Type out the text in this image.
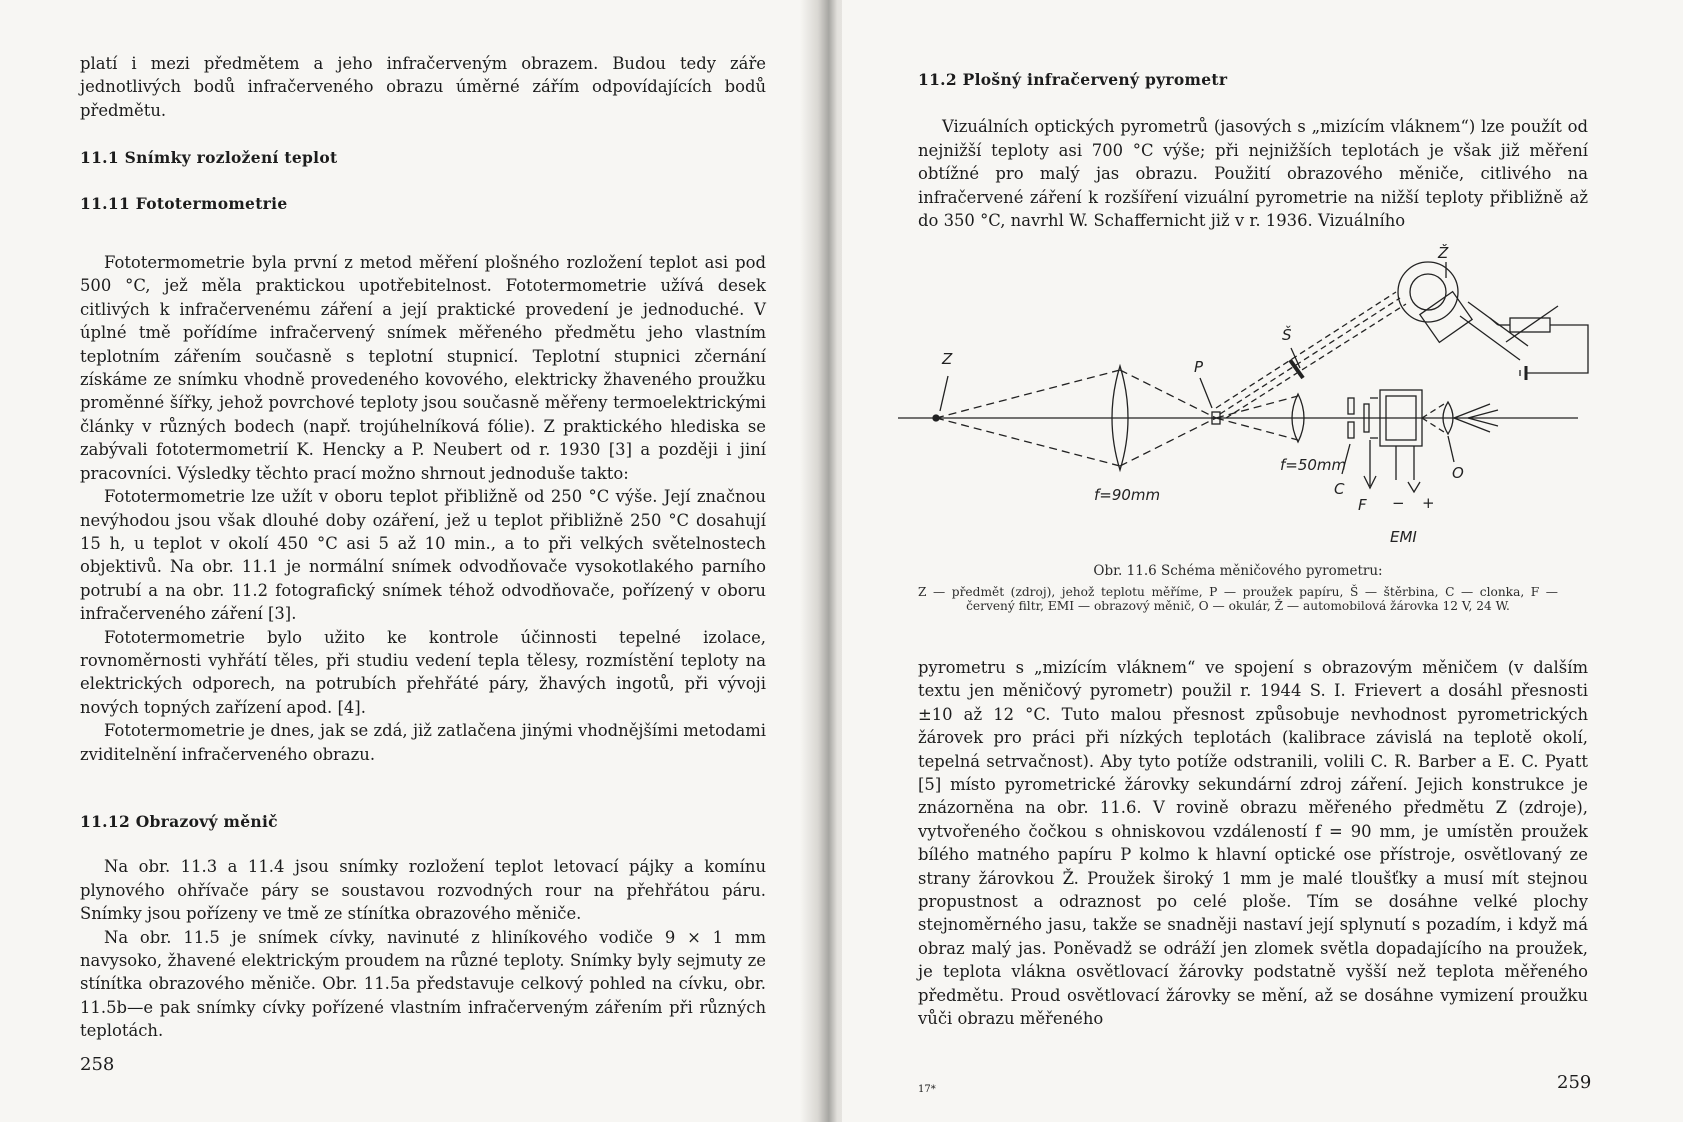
platí i mezi předmětem a jeho infračerveným obrazem. Budou tedy záře jednotlivých bodů infračerveného obrazu úměrné zářím odpovídajících bodů předmětu.

11.1 Snímky rozložení teplot
11.11 Fototermometrie

Fototermometrie byla první z metod měření plošného rozložení teplot asi pod 500 °C, jež měla praktickou upotřebitelnost. Fototermometrie užívá desek citlivých k infračervenému záření a její praktické provedení je jednoduché. V úplné tmě pořídíme infračervený snímek měřeného předmětu jeho vlastním teplotním zářením současně s teplotní stupnicí. Teplotní stupnici zčernání získáme ze snímku vhodně provedeného kovového, elektricky žhaveného proužku proměnné šířky, jehož povrchové teploty jsou současně měřeny termoelektrickými články v různých bodech (např. trojúhelníková fólie). Z praktického hlediska se zabývali fototermometrií K. Hencky a P. Neubert od r. 1930 [3] a později i jiní pracovníci. Výsledky těchto prací možno shrnout jednoduše takto:

Fototermometrie lze užít v oboru teplot přibližně od 250 °C výše. Její značnou nevýhodou jsou však dlouhé doby ozáření, jež u teplot přibližně 250 °C dosahují 15 h, u teplot v okolí 450 °C asi 5 až 10 min., a to při velkých světelnostech objektivů. Na obr. 11.1 je normální snímek odvodňovače vysokotlakého parního potrubí a na obr. 11.2 fotografický snímek téhož odvodňovače, pořízený v oboru infračerveného záření [3].

Fototermometrie bylo užito ke kontrole účinnosti tepelné izolace, rovnoměrnosti vyhřátí těles, při studiu vedení tepla tělesy, rozmístění teploty na elektrických odporech, na potrubích přehřáté páry, žhavých ingotů, při vývoji nových topných zařízení apod. [4].

Fototermometrie je dnes, jak se zdá, již zatlačena jinými vhodnějšími metodami zviditelnění infračerveného obrazu.

11.12 Obrazový měnič

Na obr. 11.3 a 11.4 jsou snímky rozložení teplot letovací pájky a komínu plynového ohřívače páry se soustavou rozvodných rour na přehřátou páru. Snímky jsou pořízeny ve tmě ze stínítka obrazového měniče.

Na obr. 11.5 je snímek cívky, navinuté z hliníkového vodiče 9 × 1 mm navysoko, žhavené elektrickým proudem na různé teploty. Snímky byly sejmuty ze stínítka obrazového měniče. Obr. 11.5a představuje celkový pohled na cívku, obr. 11.5b—e pak snímky cívky pořízené vlastním infračerveným zářením při různých teplotách.

258
11.2 Plošný infračervený pyrometr

Vizuálních optických pyrometrů (jasových s „mizícím vláknem“) lze použít od nejnižší teploty asi 700 °C výše; při nejnižších teplotách je však již měření obtížné pro malý jas obrazu. Použití obrazového měniče, citlivého na infračervené záření k rozšíření vizuální pyrometrie na nižší teploty přibližně až do 350 °C, navrhl W. Schaffernicht již v r. 1936. Vizuálního

Z	P
Š
Ž
f=90mm
f=50mm
C
F
O
EMI
− +
Obr. 11.6 Schéma měničového pyrometru:
Z — předmět (zdroj), jehož teplotu měříme, P — proužek papíru, Š — štěrbina, C — clonka, F — červený filtr, EMI — obrazový měnič, O — okulár, Ž — automobilová žárovka 12 V, 24 W.

pyrometru s „mizícím vláknem“ ve spojení s obrazovým měničem (v dalším textu jen měničový pyrometr) použil r. 1944 S. I. Frievert a dosáhl přesnosti ±10 až 12 °C. Tuto malou přesnost způsobuje nevhodnost pyrometrických žárovek pro práci při nízkých teplotách (kalibrace závislá na teplotě okolí, tepelná setrvačnost). Aby tyto potíže odstranili, volili C. R. Barber a E. C. Pyatt [5] místo pyrometrické žárovky sekundární zdroj záření. Jejich konstrukce je znázorněna na obr. 11.6. V rovině obrazu měřeného předmětu Z (zdroje), vytvořeného čočkou s ohniskovou vzdáleností f = 90 mm, je umístěn proužek bílého matného papíru P kolmo k hlavní optické ose přístroje, osvětlovaný ze strany žárovkou Ž. Proužek široký 1 mm je malé tloušťky a musí mít stejnou propustnost a odraznost po celé ploše. Tím se dosáhne velké plochy stejnoměrného jasu, takže se snadněji nastaví její splynutí s pozadím, i když má obraz malý jas. Poněvadž se odráží jen zlomek světla dopadajícího na proužek, je teplota vlákna osvětlovací žárovky podstatně vyšší než teplota měřeného předmětu. Proud osvětlovací žárovky se mění, až se dosáhne vymizení proužku vůči obrazu měřeného

17*	259
